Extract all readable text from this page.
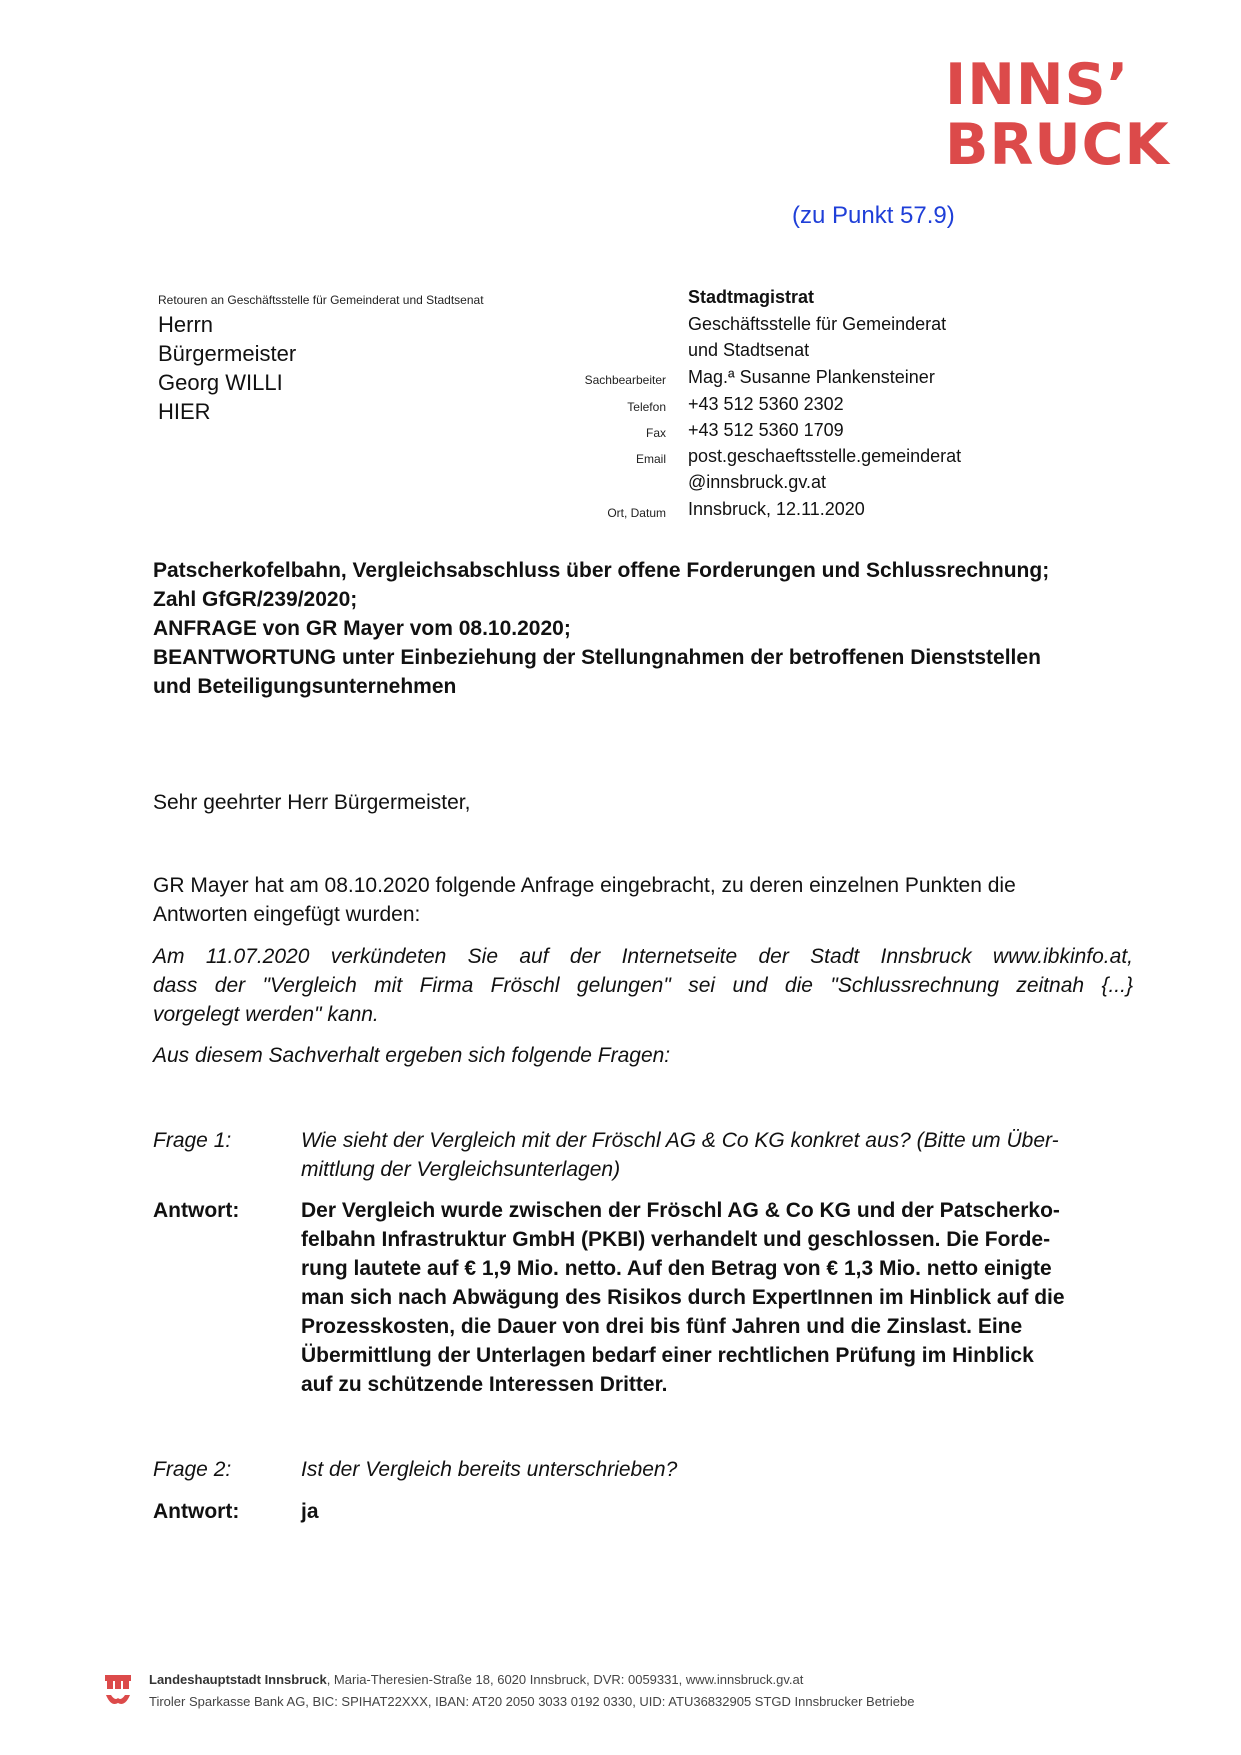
INNS’
BRUCK
(zu Punkt 57.9)
Retouren an Geschäftsstelle für Gemeinderat und Stadtsenat
Herrn
Bürgermeister
Georg WILLI
HIER
Stadtmagistrat
Geschäftsstelle für Gemeinderat
und Stadtsenat
Sachbearbeiter Mag.ª Susanne Plankensteiner
Telefon +43 512 5360 2302
Fax +43 512 5360 1709
Email post.geschaeftsstelle.gemeinderat
@innsbruck.gv.at
Ort, Datum Innsbruck, 12.11.2020
Patscherkofelbahn, Vergleichsabschluss über offene Forderungen und Schlussrechnung;
Zahl GfGR/239/2020;
ANFRAGE von GR Mayer vom 08.10.2020;
BEANTWORTUNG unter Einbeziehung der Stellungnahmen der betroffenen Dienststellen
und Beteiligungsunternehmen
Sehr geehrter Herr Bürgermeister,
GR Mayer hat am 08.10.2020 folgende Anfrage eingebracht, zu deren einzelnen Punkten die
Antworten eingefügt wurden:
Am 11.07.2020 verkündeten Sie auf der Internetseite der Stadt Innsbruck www.ibkinfo.at,
dass der "Vergleich mit Firma Fröschl gelungen" sei und die "Schlussrechnung zeitnah {...}
vorgelegt werden" kann.
Aus diesem Sachverhalt ergeben sich folgende Fragen:
Frage 1:	Wie sieht der Vergleich mit der Fröschl AG & Co KG konkret aus? (Bitte um Über-
mittlung der Vergleichsunterlagen)
Antwort:	Der Vergleich wurde zwischen der Fröschl AG & Co KG und der Patscherko-
felbahn Infrastruktur GmbH (PKBI) verhandelt und geschlossen. Die Forde-
rung lautete auf € 1,9 Mio. netto. Auf den Betrag von € 1,3 Mio. netto einigte
man sich nach Abwägung des Risikos durch ExpertInnen im Hinblick auf die
Prozesskosten, die Dauer von drei bis fünf Jahren und die Zinslast. Eine
Übermittlung der Unterlagen bedarf einer rechtlichen Prüfung im Hinblick
auf zu schützende Interessen Dritter.
Frage 2:	Ist der Vergleich bereits unterschrieben?
Antwort:	ja
Landeshauptstadt Innsbruck, Maria-Theresien-Straße 18, 6020 Innsbruck, DVR: 0059331, www.innsbruck.gv.at
Tiroler Sparkasse Bank AG, BIC: SPIHAT22XXX, IBAN: AT20 2050 3033 0192 0330, UID: ATU36832905 STGD Innsbrucker Betriebe
